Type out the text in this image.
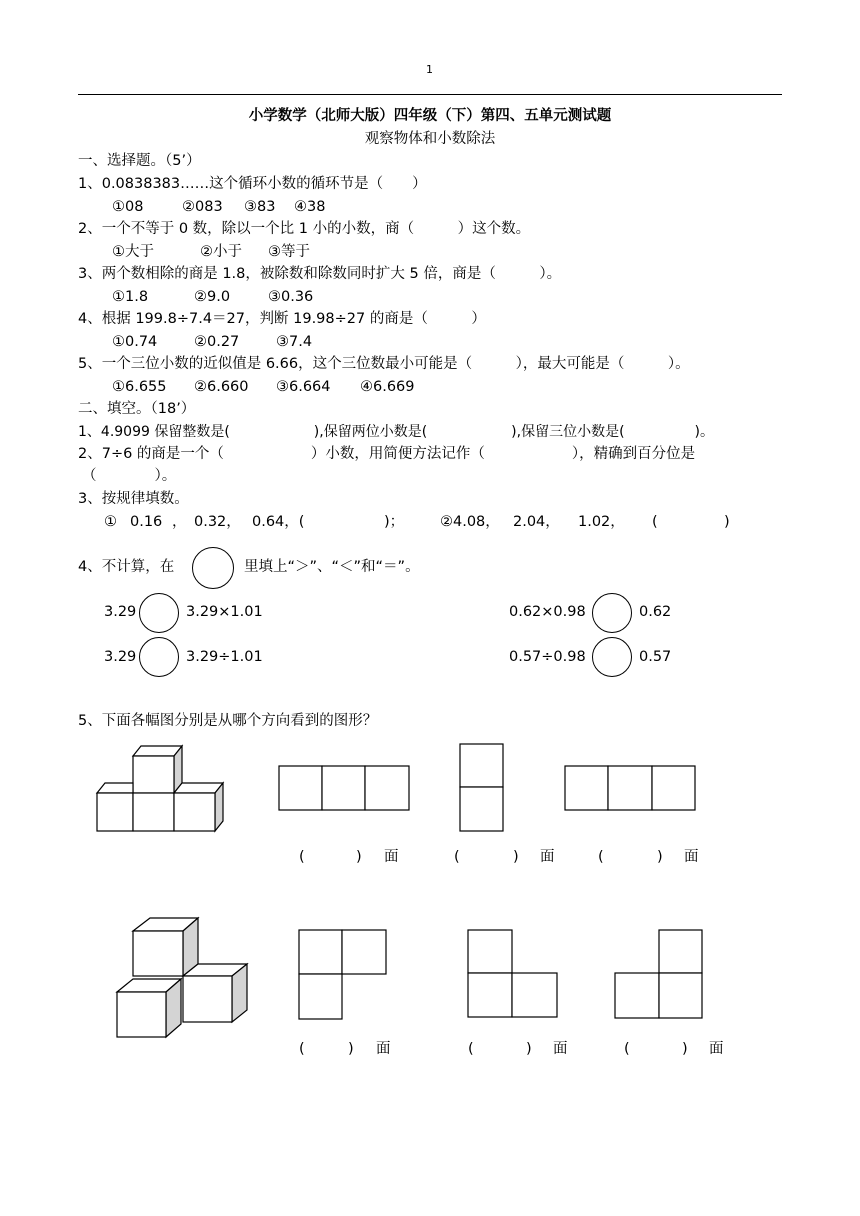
1
小学数学（北师大版）四年级（下）第四、五单元测试题
观察物体和小数除法
一、选择题。（5’）
1、0.0838383……这个循环小数的循环节是（　　）
①08	②083 ③83 ④38
2、一个不等于 0 数，除以一个比 1 小的小数，商（　　　）这个数。
①大于	②小于 ③等于
3、两个数相除的商是 1.8，被除数和除数同时扩大 5 倍，商是（　　　）。
①1.8	②9.0	③0.36
4、根据 199.8÷7.4＝27，判断 19.98÷27 的商是（　　　）
①0.74	②0.27	③7.4
5、一个三位小数的近似值是 6.66，这个三位数最小可能是（　　　），最大可能是（　　　）。
①6.655 ②6.660 ③6.664 ④6.669
二、填空。（18’）
1、4.9099 保留整数是(　　　　　　),保留两位小数是(　　　　　　),保留三位小数是(　　　　　)。
2、7÷6 的商是一个（　　　　　　）小数，用简便方法记作（　　　　　　），精确到百分位是
（　　　　）。
3、按规律填数。
① 0.16 ， 0.32， 0.64，(	)； ②4.08， 2.04， 1.02， (	)
4、不计算，在	里填上“＞”、“＜”和“＝”。
3.29	3.29×1.01
3.29	3.29÷1.01
0.62×0.98	0.62
0.57÷0.98	0.57
5、下面各幅图分别是从哪个方向看到的图形？
(	) 面	(	) 面	(	) 面
(	) 面	(	) 面	(	) 面
